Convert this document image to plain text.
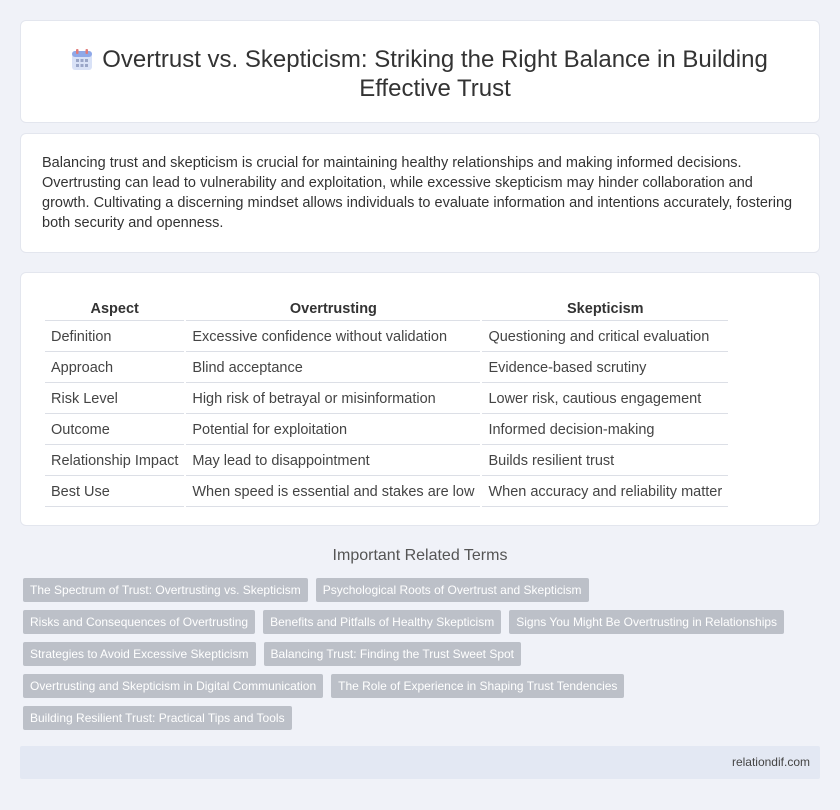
Overtrust vs. Skepticism: Striking the Right Balance in Building Effective Trust

Balancing trust and skepticism is crucial for maintaining healthy relationships and making informed decisions. Overtrusting can lead to vulnerability and exploitation, while excessive skepticism may hinder collaboration and growth. Cultivating a discerning mindset allows individuals to evaluate information and intentions accurately, fostering both security and openness.

Aspect	Overtrusting	Skepticism
Definition	Excessive confidence without validation	Questioning and critical evaluation
Approach	Blind acceptance	Evidence-based scrutiny
Risk Level	High risk of betrayal or misinformation	Lower risk, cautious engagement
Outcome	Potential for exploitation	Informed decision-making
Relationship Impact	May lead to disappointment	Builds resilient trust
Best Use	When speed is essential and stakes are low	When accuracy and reliability matter
Important Related Terms
The Spectrum of Trust: Overtrusting vs. Skepticism	Psychological Roots of Overtrust and Skepticism
Risks and Consequences of Overtrusting	Benefits and Pitfalls of Healthy Skepticism	Signs You Might Be Overtrusting in Relationships
Strategies to Avoid Excessive Skepticism	Balancing Trust: Finding the Trust Sweet Spot
Overtrusting and Skepticism in Digital Communication	The Role of Experience in Shaping Trust Tendencies
Building Resilient Trust: Practical Tips and Tools
relationdif.com
